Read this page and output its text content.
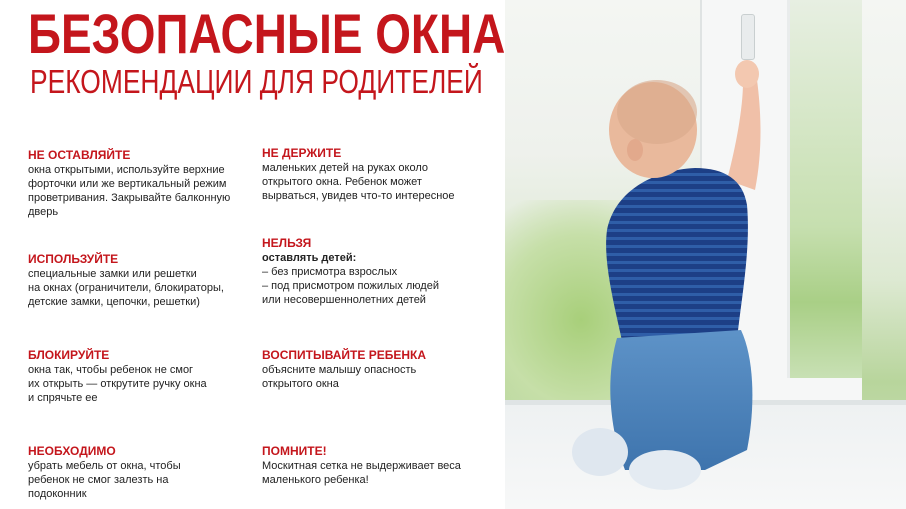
БЕЗОПАСНЫЕ ОКНА
РЕКОМЕНДАЦИИ ДЛЯ РОДИТЕЛЕЙ
НЕ ОСТАВЛЯЙТЕ
окна открытыми, используйте верхние
форточки или же вертикальный режим
проветривания. Закрывайте балконную
дверь
НЕ ДЕРЖИТЕ
маленьких детей на руках около
открытого окна. Ребенок может
вырваться, увидев что-то интересное
ИСПОЛЬЗУЙТЕ
специальные замки или решетки
на окнах (ограничители, блокираторы,
детские замки, цепочки, решетки)
НЕЛЬЗЯ
оставлять детей:
– без присмотра взрослых
– под присмотром пожилых людей
или несовершеннолетних детей
БЛОКИРУЙТЕ
окна так, чтобы ребенок не смог
их открыть — открутите ручку окна
и спрячьте ее
ВОСПИТЫВАЙТЕ РЕБЕНКА
объясните малышу опасность
открытого окна
НЕОБХОДИМО
убрать мебель от окна, чтобы
ребенок не смог залезть на
подоконник
ПОМНИТЕ!
Москитная сетка не выдерживает веса
маленького ребенка!
